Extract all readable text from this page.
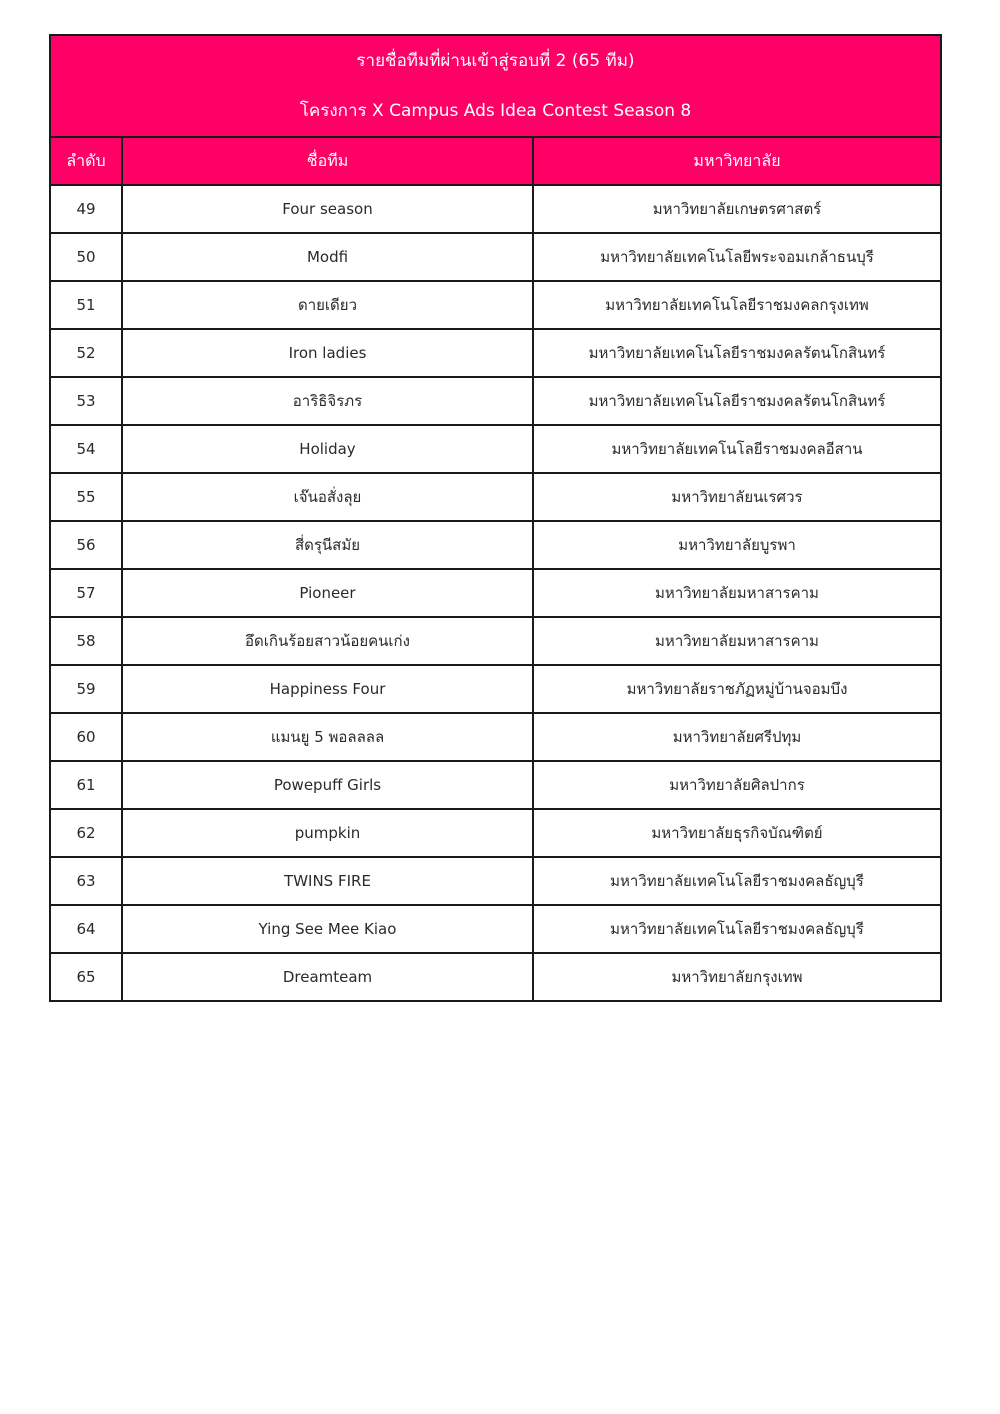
รายชื่อทีมที่ผ่านเข้าสู่รอบที่ 2 (65 ทีม)
โครงการ X Campus Ads Idea Contest Season 8
ลำดับ	ชื่อทีม	มหาวิทยาลัย
49	Four season	มหาวิทยาลัยเกษตรศาสตร์
50	Modfi	มหาวิทยาลัยเทคโนโลยีพระจอมเกล้าธนบุรี
51	ดายเดียว	มหาวิทยาลัยเทคโนโลยีราชมงคลกรุงเทพ
52	Iron ladies	มหาวิทยาลัยเทคโนโลยีราชมงคลรัตนโกสินทร์
53	อาริธิจิรภร	มหาวิทยาลัยเทคโนโลยีราชมงคลรัตนโกสินทร์
54	Holiday	มหาวิทยาลัยเทคโนโลยีราชมงคลอีสาน
55	เจ๊นอสั่งลุย	มหาวิทยาลัยนเรศวร
56	สี่ดรุนีสมัย	มหาวิทยาลัยบูรพา
57	Pioneer	มหาวิทยาลัยมหาสารคาม
58	อึดเกินร้อยสาวน้อยคนเก่ง	มหาวิทยาลัยมหาสารคาม
59	Happiness Four	มหาวิทยาลัยราชภัฏหมู่บ้านจอมบึง
60	แมนยู 5 พอลลลล	มหาวิทยาลัยศรีปทุม
61	Powepuff Girls	มหาวิทยาลัยศิลปากร
62	pumpkin	มหาวิทยาลัยธุรกิจบัณฑิตย์
63	TWINS FIRE	มหาวิทยาลัยเทคโนโลยีราชมงคลธัญบุรี
64	Ying See Mee Kiao	มหาวิทยาลัยเทคโนโลยีราชมงคลธัญบุรี
65	Dreamteam	มหาวิทยาลัยกรุงเทพ
